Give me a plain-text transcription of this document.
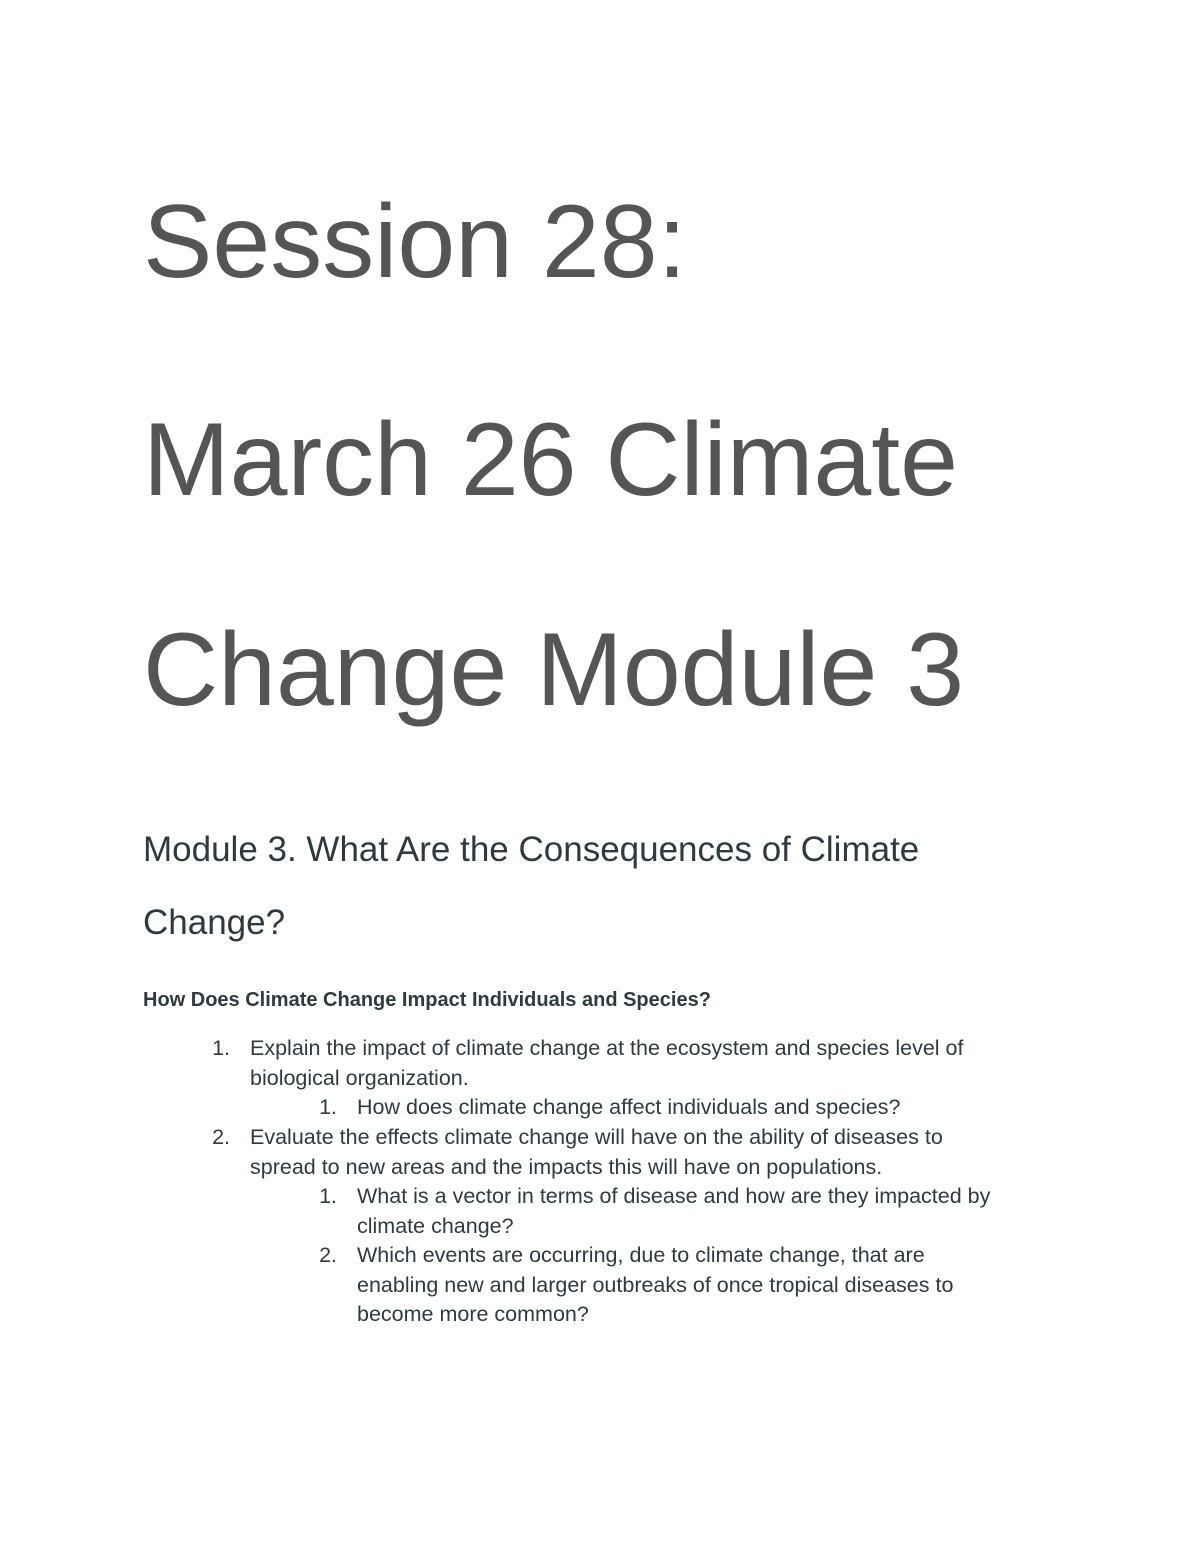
Session 28:
March 26 Climate
Change Module 3
Module 3. What Are the Consequences of Climate
Change?
How Does Climate Change Impact Individuals and Species?
1. Explain the impact of climate change at the ecosystem and species level of
biological organization.
1. How does climate change affect individuals and species?
2. Evaluate the effects climate change will have on the ability of diseases to
spread to new areas and the impacts this will have on populations.
1. What is a vector in terms of disease and how are they impacted by
climate change?
2. Which events are occurring, due to climate change, that are
enabling new and larger outbreaks of once tropical diseases to
become more common?
